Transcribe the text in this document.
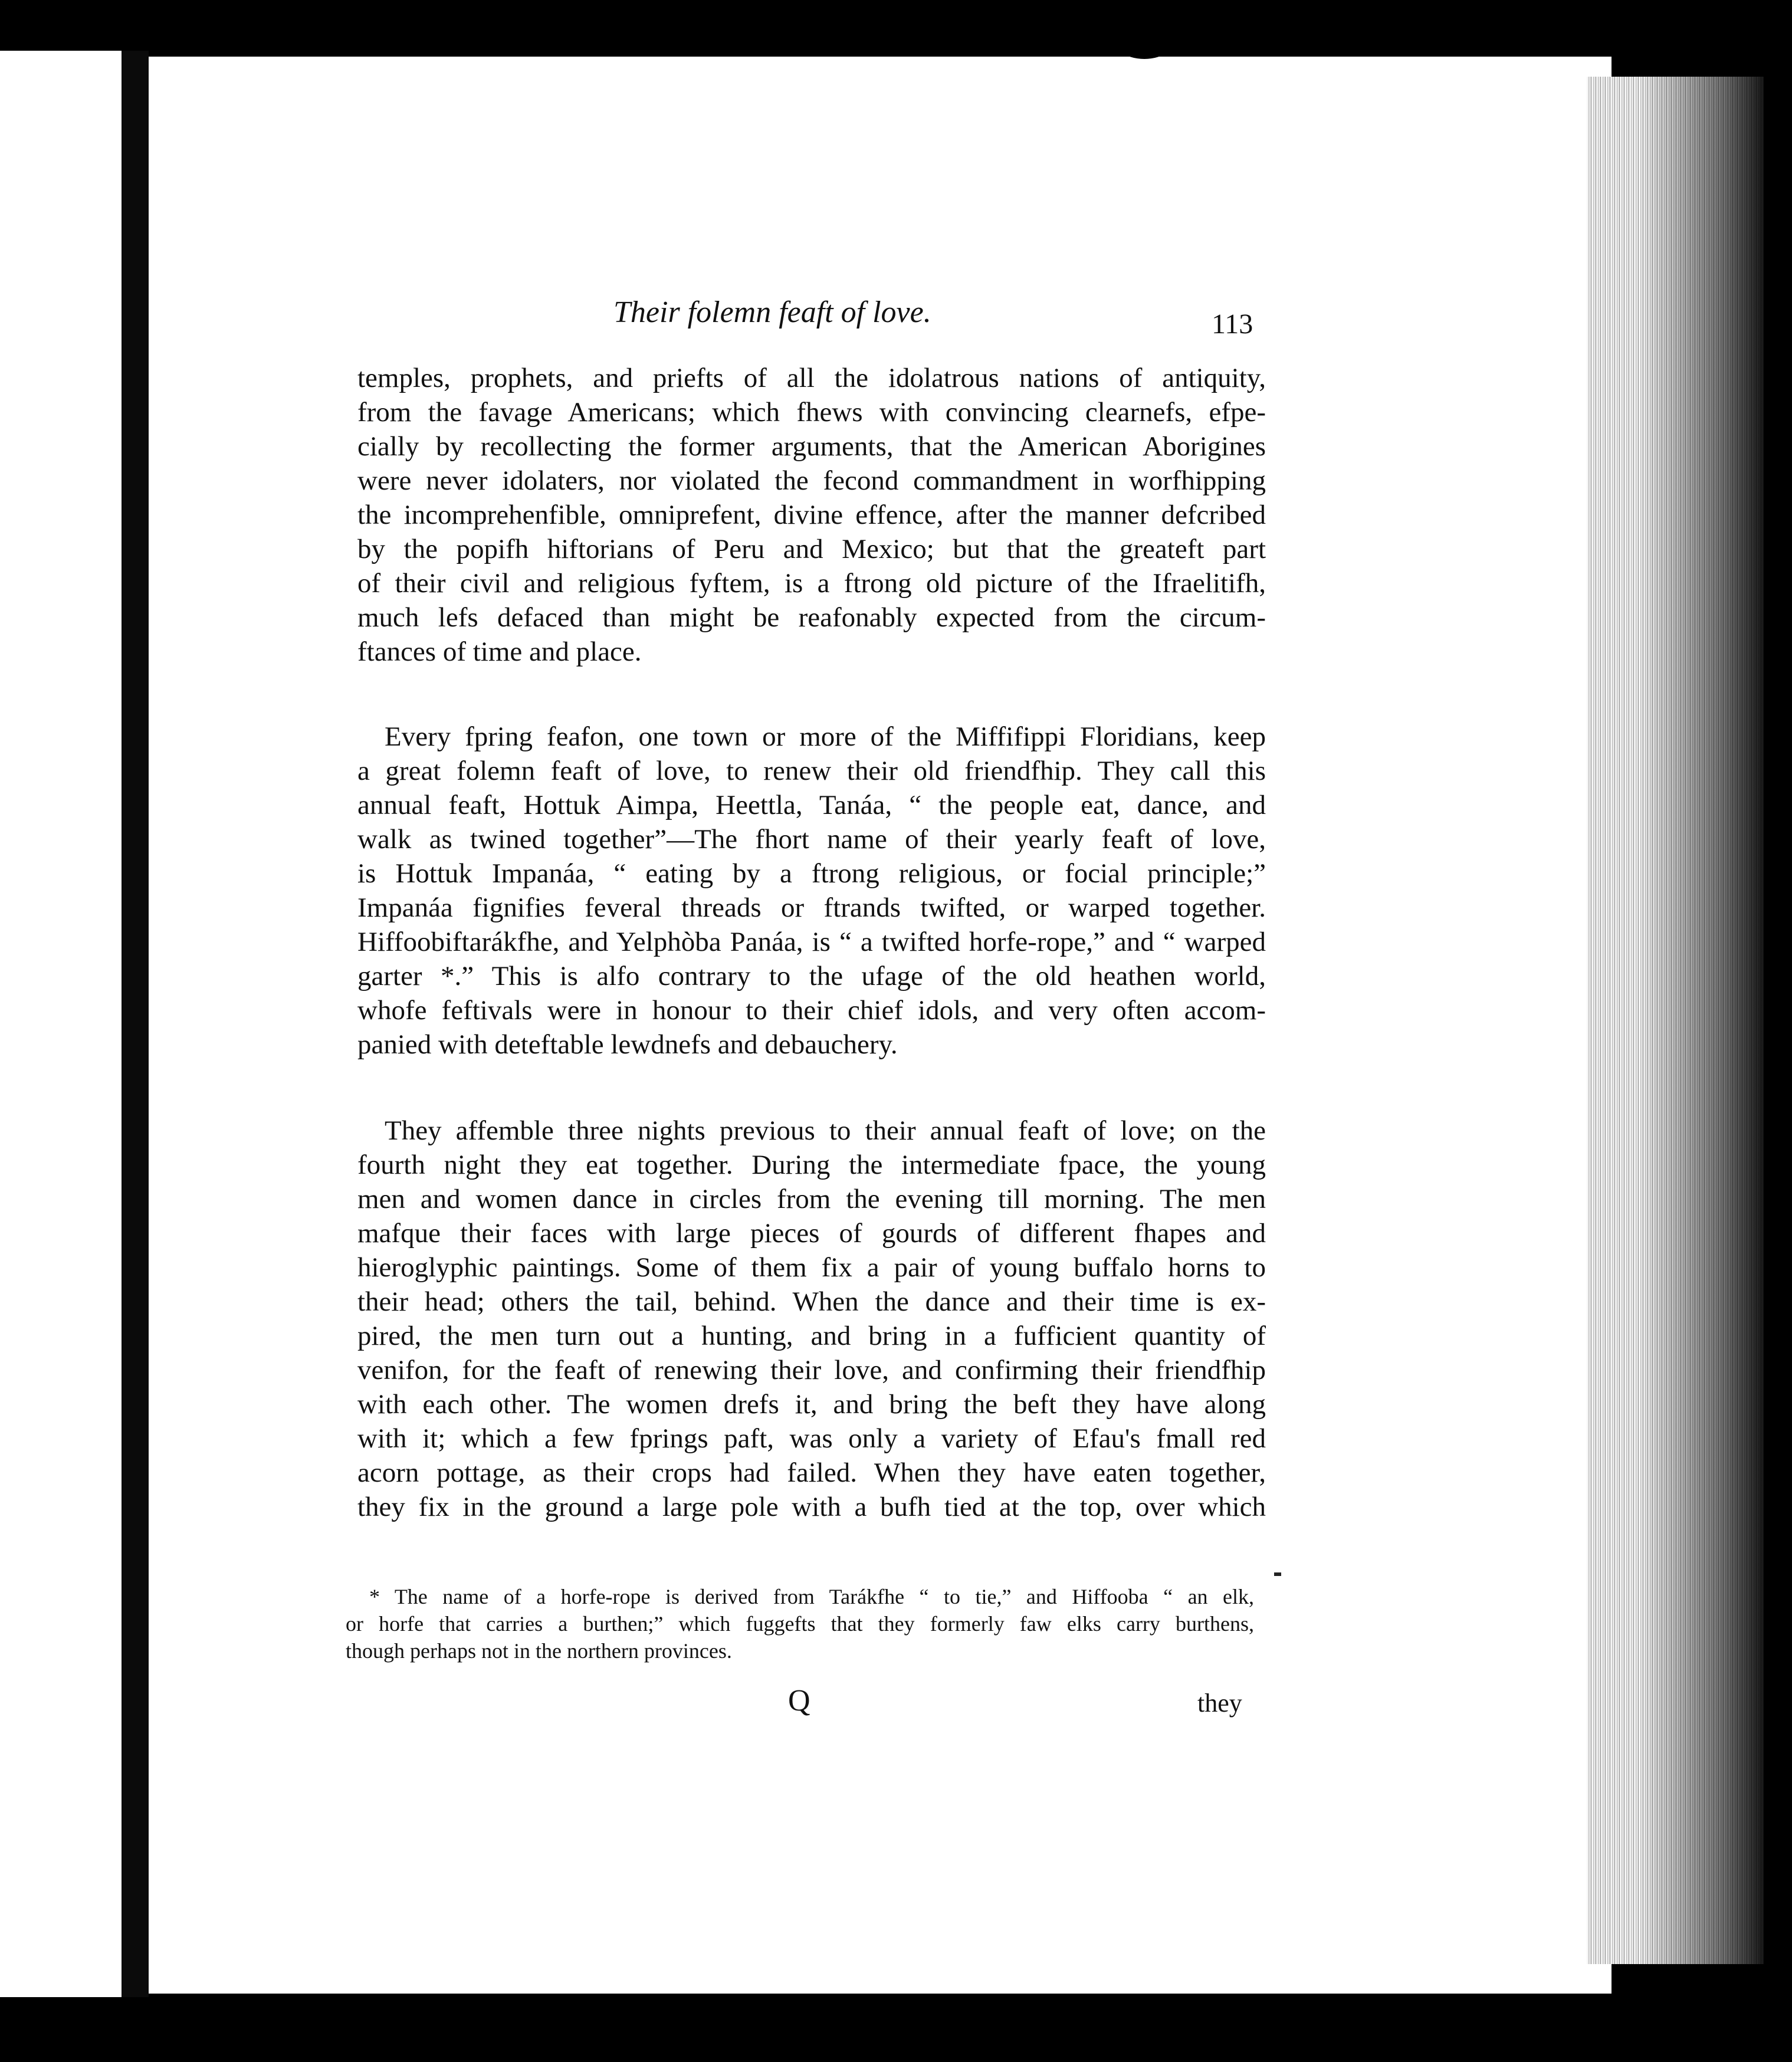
Their folemn feaft of love.	113
temples, prophets, and priefts of all the idolatrous nations of antiquity,
from the favage Americans; which fhews with convincing clearnefs, efpe-
cially by recollecting the former arguments, that the American Aborigines
were never idolaters, nor violated the fecond commandment in worfhipping
the incomprehenfible, omniprefent, divine effence, after the manner defcribed
by the popifh hiftorians of Peru and Mexico; but that the greateft part
of their civil and religious fyftem, is a ftrong old picture of the Ifraelitifh,
much lefs defaced than might be reafonably expected from the circum-
ftances of time and place.
Every fpring feafon, one town or more of the Miffifippi Floridians, keep
a great folemn feaft of love, to renew their old friendfhip. They call this
annual feaft, Hottuk Aimpa, Heettla, Tanáa, “ the people eat, dance, and
walk as twined together”—The fhort name of their yearly feaft of love,
is Hottuk Impanáa, “ eating by a ftrong religious, or focial principle;”
Impanáa fignifies feveral threads or ftrands twifted, or warped together.
Hiffoobiftarákfhe, and Yelphòba Panáa, is “ a twifted horfe-rope,” and “ warped
garter *.” This is alfo contrary to the ufage of the old heathen world,
whofe feftivals were in honour to their chief idols, and very often accom-
panied with deteftable lewdnefs and debauchery.
They affemble three nights previous to their annual feaft of love; on the
fourth night they eat together. During the intermediate fpace, the young
men and women dance in circles from the evening till morning. The men
mafque their faces with large pieces of gourds of different fhapes and
hieroglyphic paintings. Some of them fix a pair of young buffalo horns to
their head; others the tail, behind. When the dance and their time is ex-
pired, the men turn out a hunting, and bring in a fufficient quantity of
venifon, for the feaft of renewing their love, and confirming their friendfhip
with each other. The women drefs it, and bring the beft they have along
with it; which a few fprings paft, was only a variety of Efau's fmall red
acorn pottage, as their crops had failed. When they have eaten together,
they fix in the ground a large pole with a bufh tied at the top, over which
* The name of a horfe-rope is derived from Tarákfhe “ to tie,” and Hiffooba “ an elk,
or horfe that carries a burthen;” which fuggefts that they formerly faw elks carry burthens,
though perhaps not in the northern provinces.
Q	they
